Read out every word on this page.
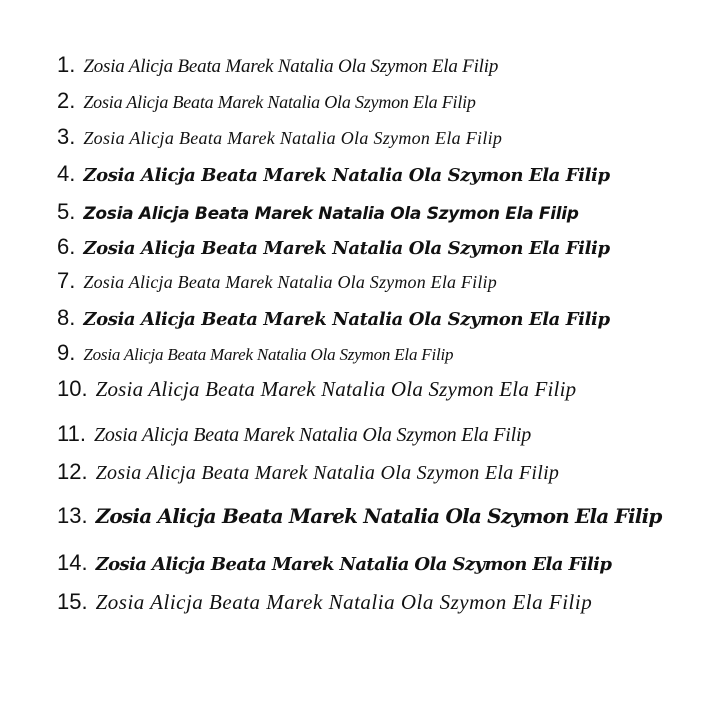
1. Zosia Alicja Beata Marek Natalia Ola Szymon Ela Filip
2. Zosia Alicja Beata Marek Natalia Ola Szymon Ela Filip
3. Zosia Alicja Beata Marek Natalia Ola Szymon Ela Filip
4. Zosia Alicja Beata Marek Natalia Ola Szymon Ela Filip
5. Zosia Alicja Beata Marek Natalia Ola Szymon Ela Filip
6. Zosia Alicja Beata Marek Natalia Ola Szymon Ela Filip
7. Zosia Alicja Beata Marek Natalia Ola Szymon Ela Filip
8. Zosia Alicja Beata Marek Natalia Ola Szymon Ela Filip
9. Zosia Alicja Beata Marek Natalia Ola Szymon Ela Filip
10. Zosia Alicja Beata Marek Natalia Ola Szymon Ela Filip
11. Zosia Alicja Beata Marek Natalia Ola Szymon Ela Filip
12. Zosia Alicja Beata Marek Natalia Ola Szymon Ela Filip
13. Zosia Alicja Beata Marek Natalia Ola Szymon Ela Filip
14. Zosia Alicja Beata Marek Natalia Ola Szymon Ela Filip
15. Zosia Alicja Beata Marek Natalia Ola Szymon Ela Filip
